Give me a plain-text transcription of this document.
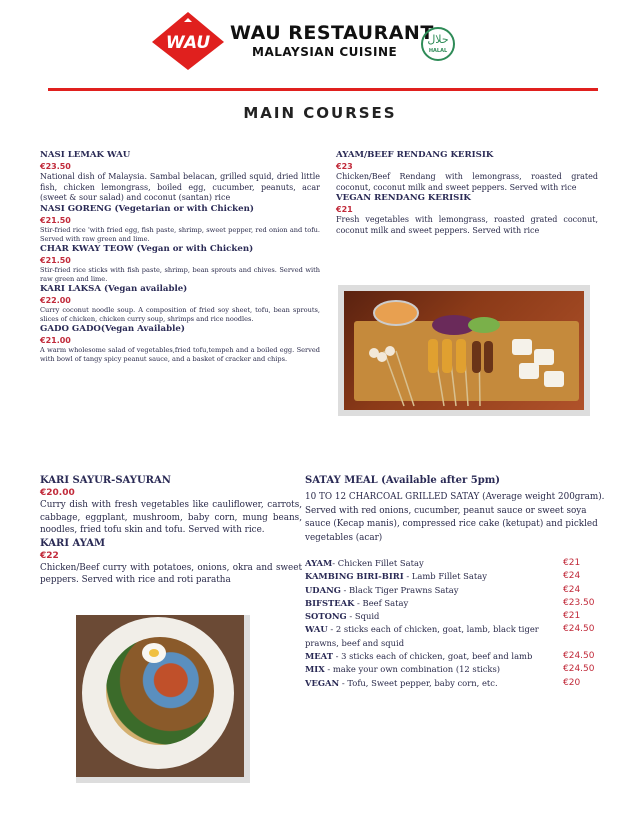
WAU WAU RESTAURANT
MALAYSIAN CUISINE
حلال
HALAL
MAIN COURSES
NASI LEMAK WAU
€23.50

National dish of Malaysia. Sambal belacan, grilled squid, dried little fish, chicken lemongrass, boiled egg, cucumber, peanuts, acar (sweet & sour salad) and coconut (santan) rice

NASI GORENG (Vegetarian or with Chicken)
€21.50

Stir-fried rice 'with fried egg, fish paste, shrimp, sweet pepper, red onion and tofu. Served with raw green and lime.

CHAR KWAY TEOW (Vegan or with Chicken)
€21.50

Stir-fried rice sticks with fish paste, shrimp, bean sprouts and chives. Served with raw green and lime.

KARI LAKSA (Vegan available)
€22.00

Curry coconut noodle soup. A composition of fried soy sheet, tofu, bean sprouts, slices of chicken, chicken curry soup, shrimps and rice noodles.

GADO GADO(Vegan Available)
€21.00

A warm wholesome salad of vegetables,fried tofu,tempeh and a boiled egg. Served with bowl of tangy spicy peanut sauce, and a basket of cracker and chips.

AYAM/BEEF RENDANG KERISIK
€23

Chicken/Beef Rendang with lemongrass, roasted grated coconut, coconut milk and sweet peppers. Served with rice

VEGAN RENDANG KERISIK
€21

Fresh vegetables with lemongrass, roasted grated coconut, coconut milk and sweet peppers. Served with rice

KARI SAYUR-SAYURAN
€20.00

Curry dish with fresh vegetables like cauliflower, carrots, cabbage, eggplant, mushroom, baby corn, mung beans, noodles, fried tofu skin and tofu. Served with rice.

KARI AYAM
€22

Chicken/Beef curry with potatoes, onions, okra and sweet peppers. Served with rice and roti paratha

SATAY MEAL (Available after 5pm)

10 TO 12 CHARCOAL GRILLED SATAY (Average weight 200gram). Served with red onions, cucumber, peanut sauce or sweet soya sauce (Kecap manis), compressed rice cake (ketupat) and pickled vegetables (acar)

AYAM- Chicken Fillet Satay	€21
KAMBING BIRI-BIRI - Lamb Fillet Satay	€24
UDANG - Black Tiger Prawns Satay	€24
BIFSTEAK - Beef Satay	€23.50
SOTONG - Squid	€21
WAU - 2 sticks each of chicken, goat, lamb, black tiger prawns, beef and squid
€24.50
MEAT - 3 sticks each of chicken, goat, beef and lamb	€24.50
MIX - make your own combination (12 sticks)	€24.50
VEGAN - Tofu, Sweet pepper, baby corn, etc.	€20
